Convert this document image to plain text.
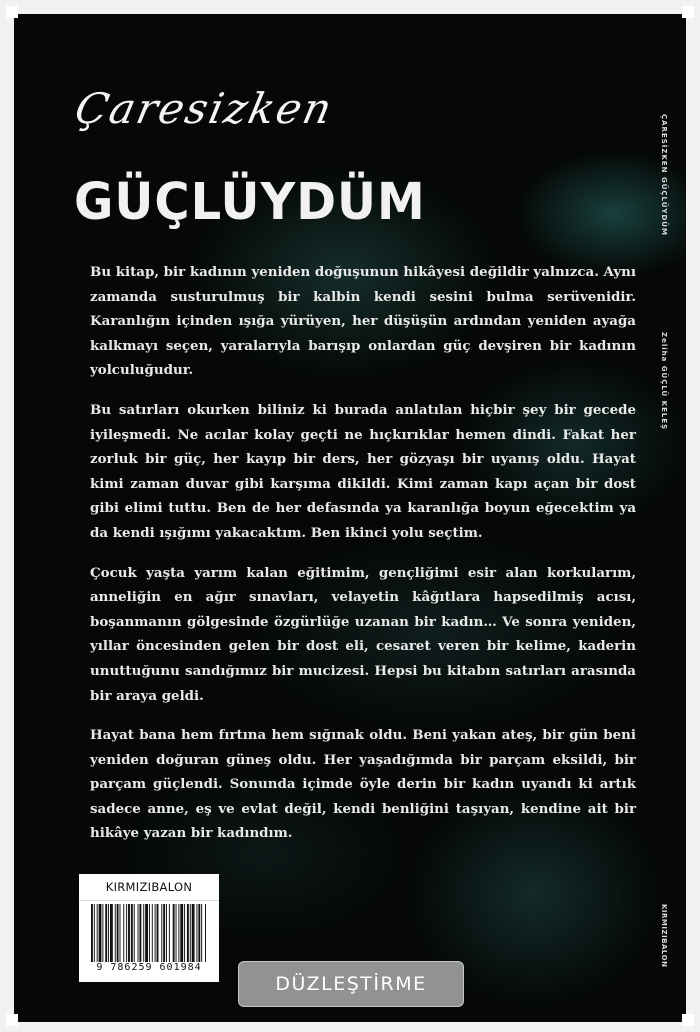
Çaresizken
GÜÇLÜYDÜM	ÇARESİZKEN GÜÇLÜYDÜM
Zeliha GÜÇLÜ KELEŞ
KIRMIZIBALON

Bu kitap, bir kadının yeniden doğuşunun hikâyesi değildir yalnızca. Aynı zamanda susturulmuş bir kalbin kendi sesini bulma serüvenidir. Karanlığın içinden ışığa yürüyen, her düşüşün ardından yeniden ayağa kalkmayı seçen, yaralarıyla barışıp onlardan güç devşiren bir kadının yolculuğudur.

Bu satırları okurken biliniz ki burada anlatılan hiçbir şey bir gecede iyileşmedi. Ne acılar kolay geçti ne hıçkırıklar hemen dindi. Fakat her zorluk bir güç, her kayıp bir ders, her gözyaşı bir uyanış oldu. Hayat kimi zaman duvar gibi karşıma dikildi. Kimi zaman kapı açan bir dost gibi elimi tuttu. Ben de her defasında ya karanlığa boyun eğecektim ya da kendi ışığımı yakacaktım. Ben ikinci yolu seçtim.

Çocuk yaşta yarım kalan eğitimim, gençliğimi esir alan korkularım, anneliğin en ağır sınavları, velayetin kâğıtlara hapsedilmiş acısı, boşanmanın gölgesinde özgürlüğe uzanan bir kadın… Ve sonra yeniden, yıllar öncesinden gelen bir dost eli, cesaret veren bir kelime, kaderin unuttuğunu sandığımız bir mucizesi. Hepsi bu kitabın satırları arasında bir araya geldi.

Hayat bana hem fırtına hem sığınak oldu. Beni yakan ateş, bir gün beni yeniden doğuran güneş oldu. Her yaşadığımda bir parçam eksildi, bir parçam güçlendi. Sonunda içimde öyle derin bir kadın uyandı ki artık sadece anne, eş ve evlat değil, kendi benliğini taşıyan, kendine ait bir hikâye yazan bir kadındım.

KIRMIZIBALON
9 786259 601984
DÜZLEŞTİRME
